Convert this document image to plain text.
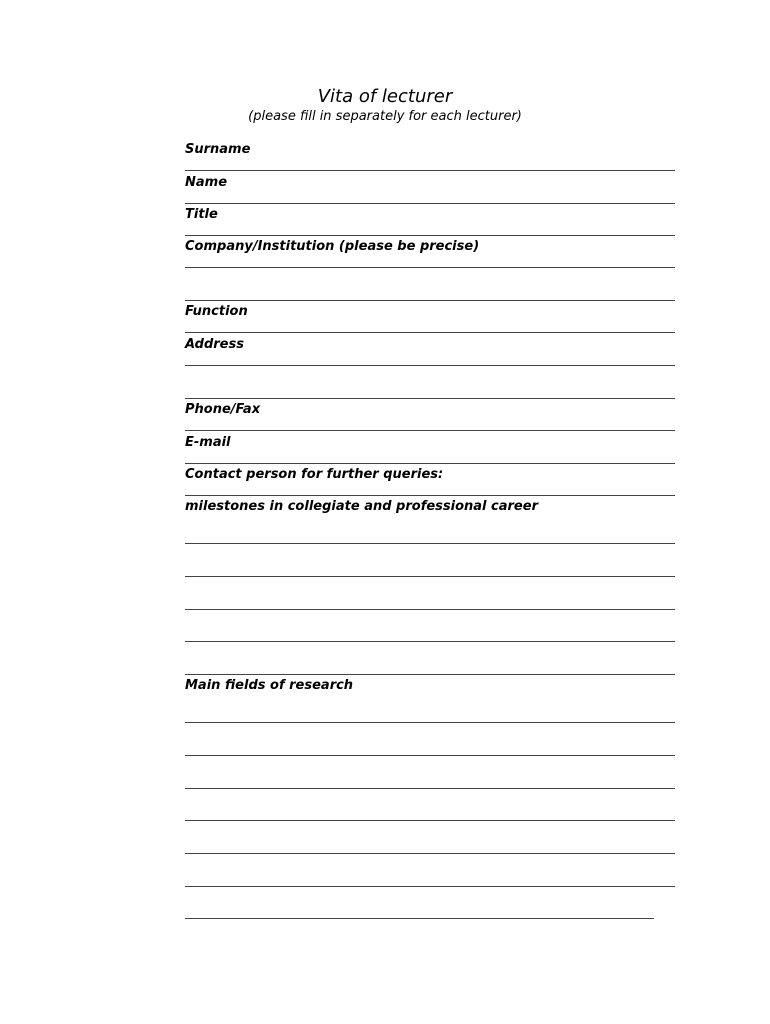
Vita of lecturer
(please fill in separately for each lecturer)
Surname
Name
Title
Company/Institution (please be precise)
Function
Address
Phone/Fax
E-mail
Contact person for further queries:
milestones in collegiate and professional career
Main fields of research
